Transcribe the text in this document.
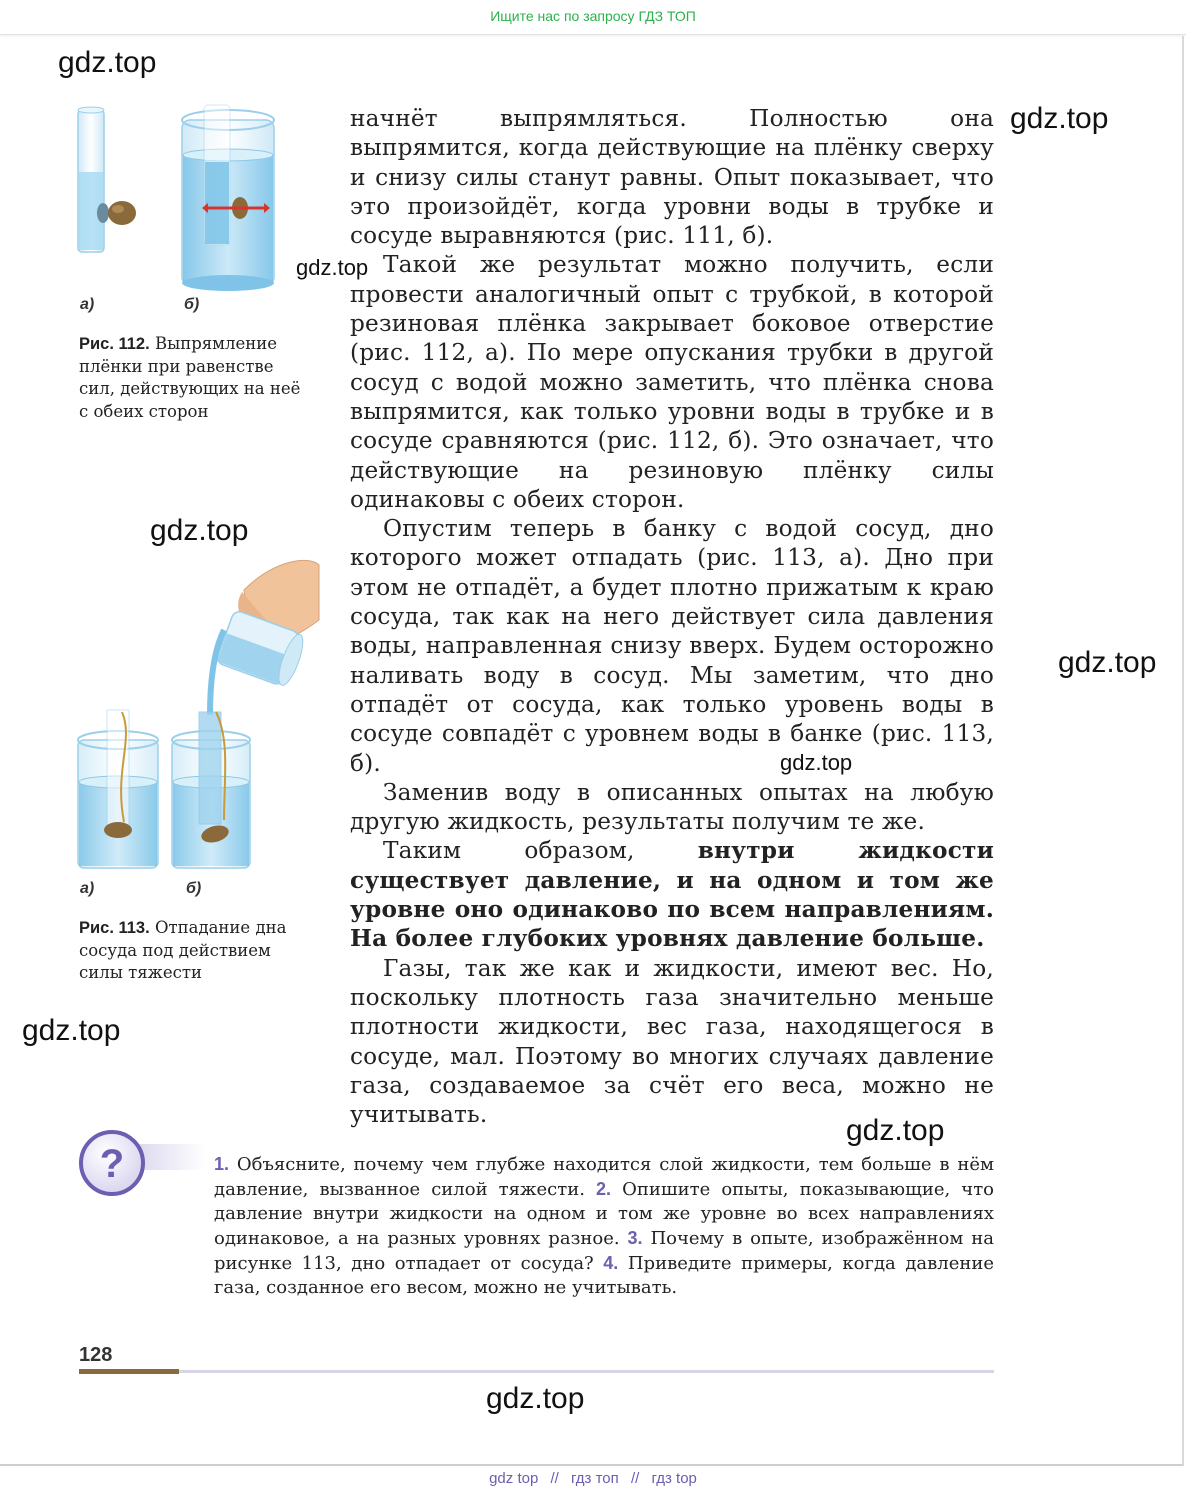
Ищите нас по запросу ГДЗ ТОП
gdz.top
gdz.top
gdz.top
gdz.top
gdz.top
gdz.top
gdz.top
gdz.top
gdz.top
а)	б)
Рис. 112. Выпрямление плёнки при равенстве сил, действующих на неё с обеих сторон
а)	б)
Рис. 113. Отпадание дна сосуда под действием силы тяжести

начнёт выпрямляться. Полностью она выпрямится, когда действующие на плёнку сверху и снизу силы станут равны. Опыт показывает, что это произойдёт, когда уровни воды в трубке и сосуде выравняются (рис. 111, б).

Такой же результат можно получить, если провести аналогичный опыт с трубкой, в которой резиновая плёнка закрывает боковое отверстие (рис. 112, а). По мере опускания трубки в другой сосуд с водой можно заметить, что плёнка снова выпрямится, как только уровни воды в трубке и в сосуде сравняются (рис. 112, б). Это означает, что действующие на резиновую плёнку силы одинаковы с обеих сторон.

Опустим теперь в банку с водой сосуд, дно которого может отпадать (рис. 113, а). Дно при этом не отпадёт, а будет плотно прижатым к краю сосуда, так как на него действует сила давления воды, направленная снизу вверх. Будем осторожно наливать воду в сосуд. Мы заметим, что дно отпадёт от сосуда, как только уровень воды в сосуде совпадёт с уровнем воды в банке (рис. 113, б).

Заменив воду в описанных опытах на любую другую жидкость, результаты получим те же.

Таким образом, внутри жидкости существует давление, и на одном и том же уровне оно одинаково по всем направлениям. На более глубоких уровнях давление больше.

Газы, так же как и жидкости, имеют вес. Но, поскольку плотность газа значительно меньше плотности жидкости, вес газа, находящегося в сосуде, мал. Поэтому во многих случаях давление газа, создаваемое за счёт его веса, можно не учитывать.

?	1. Объясните, почему чем глубже находится слой жидкости, тем больше в нём давление, вызванное силой тяжести. 2. Опишите опыты, показывающие, что давление внутри жидкости на одном и том же уровне во всех направлениях одинаковое, а на разных уровнях разное. 3. Почему в опыте, изображённом на рисунке 113, дно отпадает от сосуда? 4. Приведите примеры, когда давление газа, созданное его весом, можно не учитывать.
128
gdz top // гдз топ // гдз top
